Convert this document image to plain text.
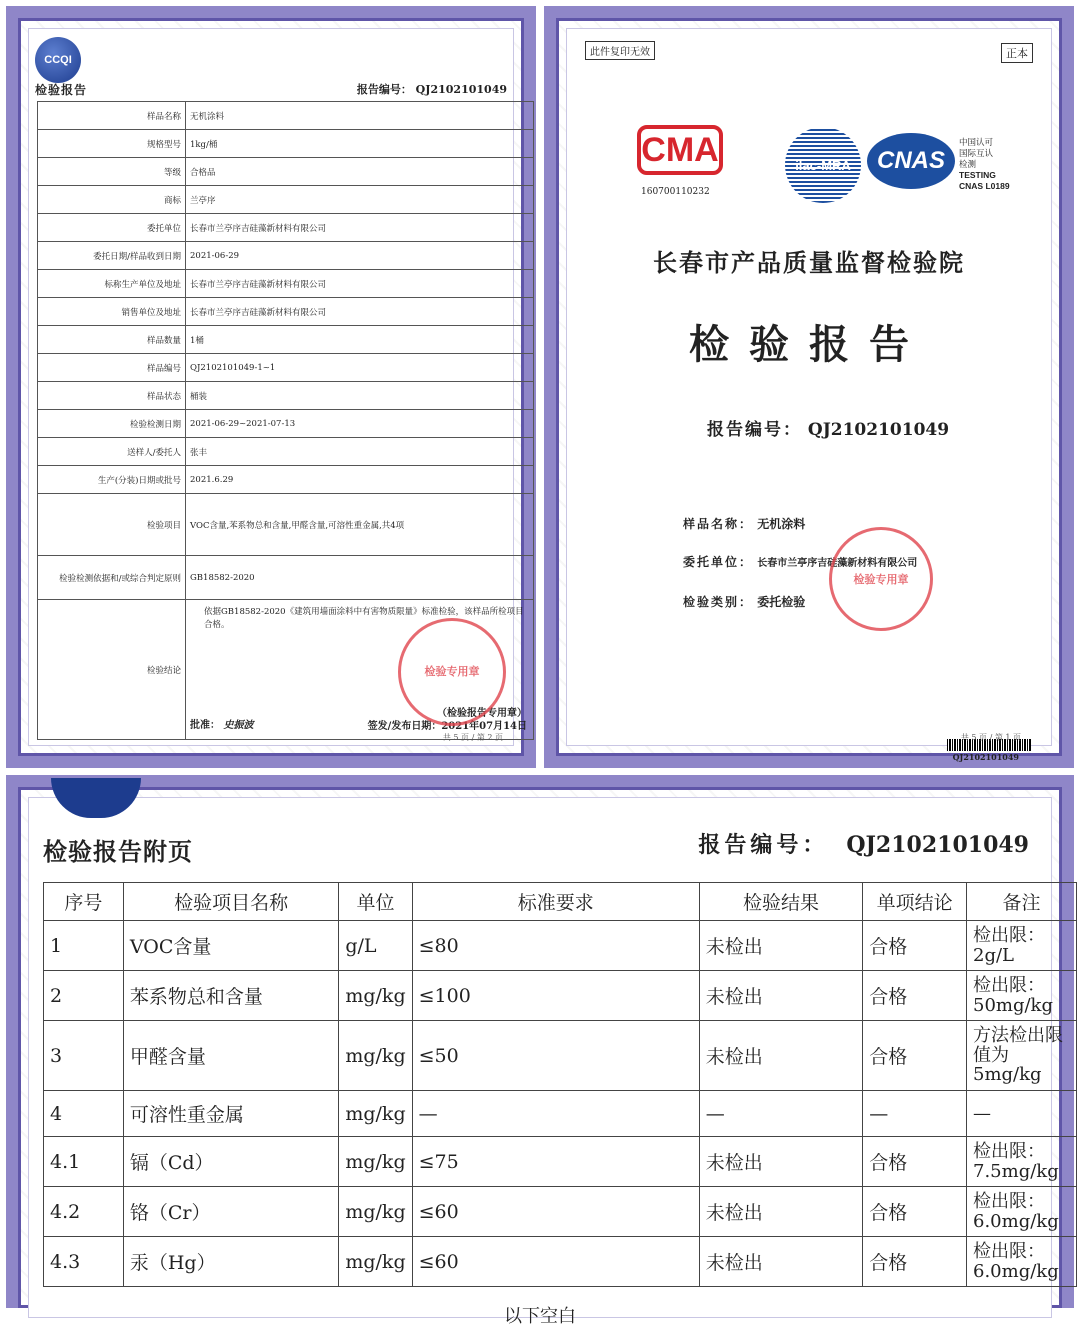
CCQI
检验报告	报告编号： QJ2102101049
样品名称	无机涂料
规格型号	1kg/桶
等级	合格品
商标	兰亭序
委托单位	长春市兰亭序吉硅藻新材料有限公司
委托日期/样品收到日期	2021-06-29
标称生产单位及地址	长春市兰亭序吉硅藻新材料有限公司
销售单位及地址	长春市兰亭序吉硅藻新材料有限公司
样品数量	1桶
样品编号	QJ2102101049-1~1
样品状态	桶装
检验检测日期	2021-06-29~2021-07-13
送样人/委托人	张丰
生产(分装)日期或批号	2021.6.29
检验项目	VOC含量,苯系物总和含量,甲醛含量,可溶性重金属,共4项
检验检测依据和/或综合判定原则	GB18582-2020
检验结论	依据GB18582-2020《建筑用墙面涂料中有害物质限量》标准检验，该样品所检项目合格。
批准： 史振波
（检验报告专用章）
签发/发布日期：2021年07月14日
检验专用章
共 5 页 / 第 2 页
此件复印无效	正本
CMA
160700110232
ilac-MRA CNAS
中国认可
国际互认
检测
TESTING
CNAS L0189
长春市产品质量监督检验院
检验报告
报告编号： QJ2102101049
样品名称： 无机涂料
委托单位： 长春市兰亭序吉硅藻新材料有限公司
检验类别： 委托检验
检验专用章
QJ2102101049
共 5 页 / 第 1 页
检验报告附页	报告编号： QJ2102101049
序号	检验项目名称	单位	标准要求	检验结果	单项结论	备注
1	VOC含量	g/L	≤80	未检出	合格	检出限：2g/L
2	苯系物总和含量	mg/kg	≤100	未检出	合格	检出限：50mg/kg
3	甲醛含量	mg/kg	≤50	未检出	合格	方法检出限值为5mg/kg
4	可溶性重金属	mg/kg	—	—	—	—
4.1	镉（Cd）	mg/kg	≤75	未检出	合格	检出限：7.5mg/kg
4.2	铬（Cr）	mg/kg	≤60	未检出	合格	检出限：6.0mg/kg
4.3	汞（Hg）	mg/kg	≤60	未检出	合格	检出限：6.0mg/kg
以下空白
